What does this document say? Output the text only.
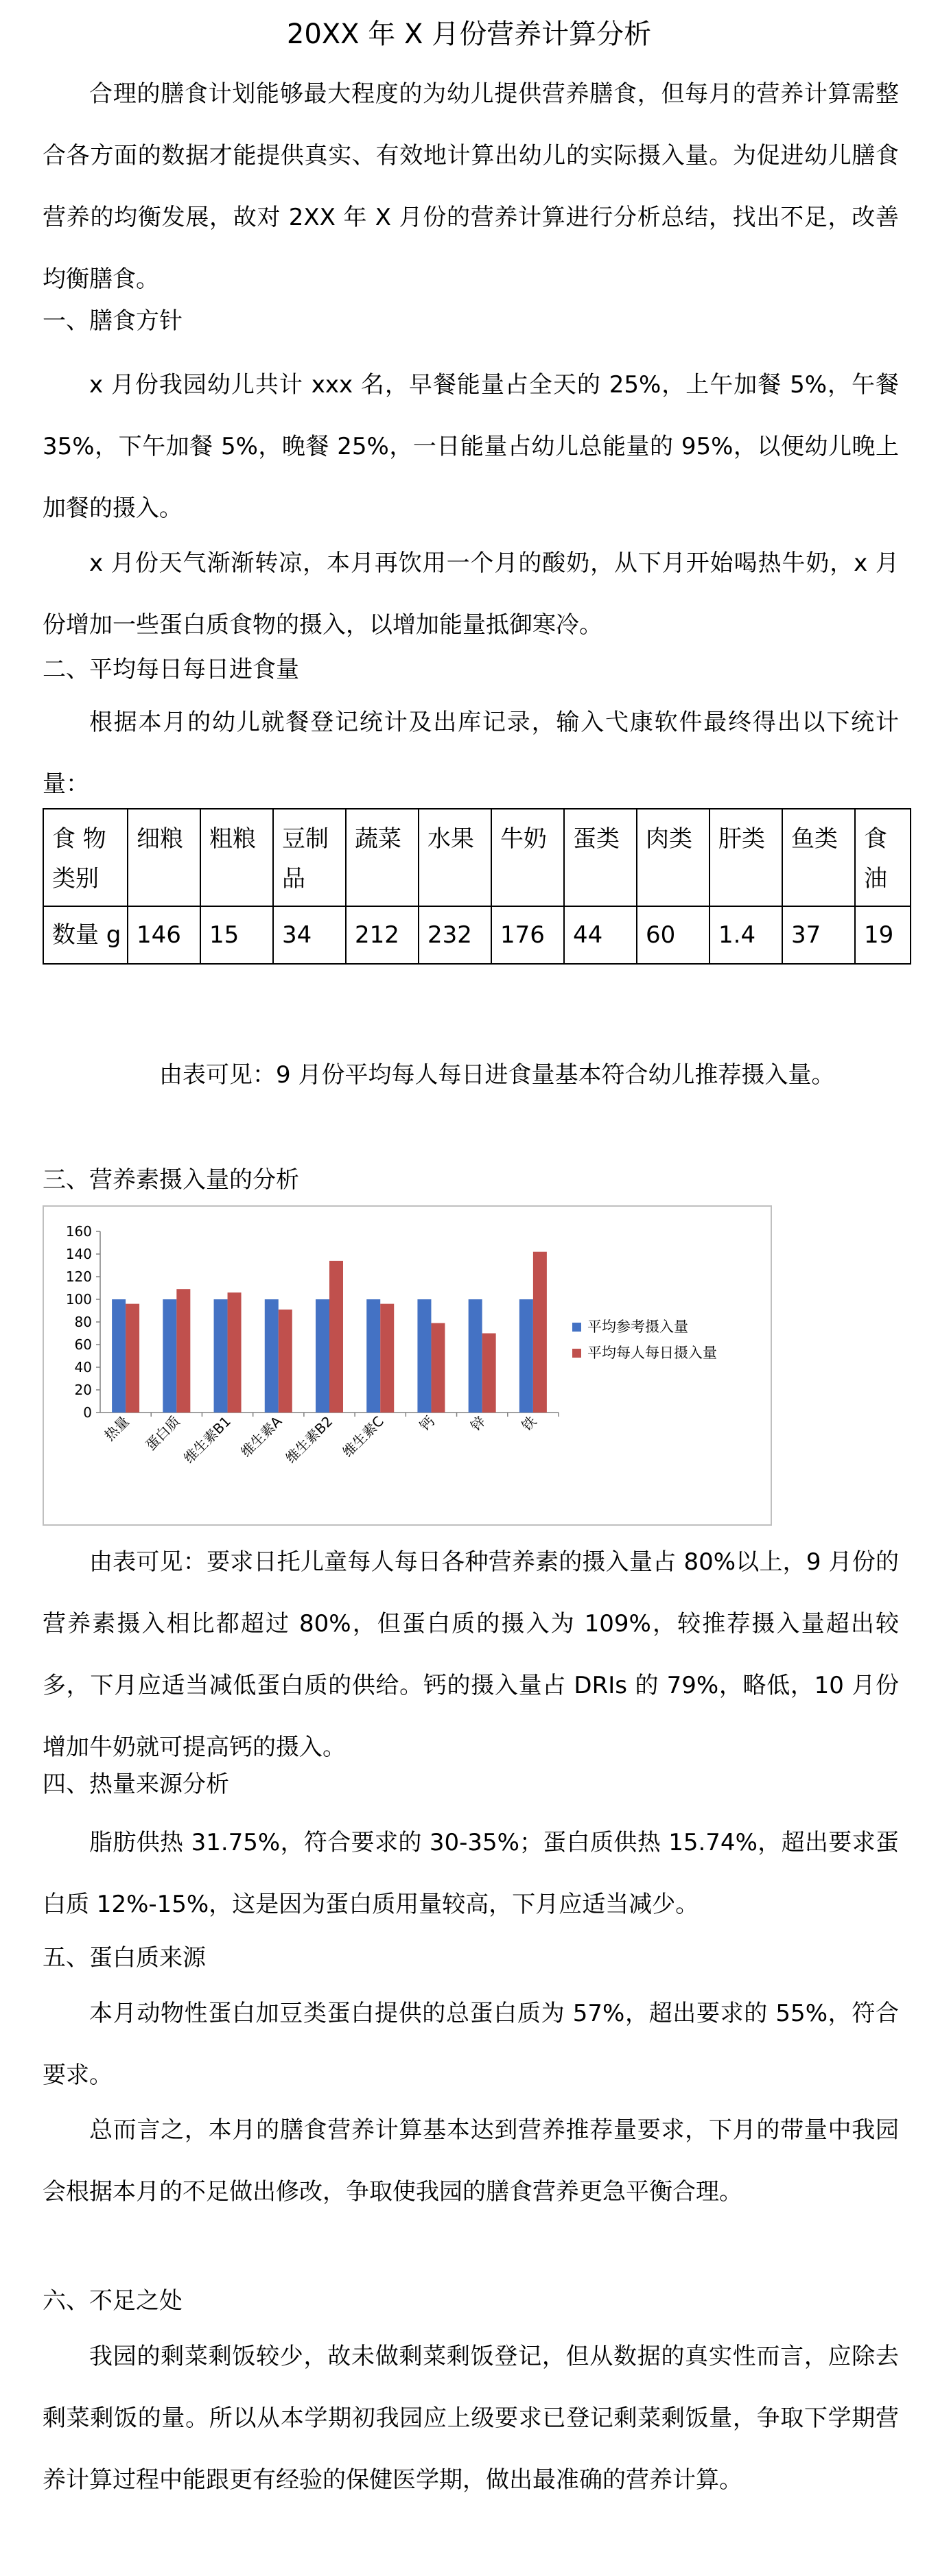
20XX 年 X 月份营养计算分析

合理的膳食计划能够最大程度的为幼儿提供营养膳食，但每月的营养计算需整合各方面的数据才能提供真实、有效地计算出幼儿的实际摄入量。为促进幼儿膳食营养的均衡发展，故对 2XX 年 X 月份的营养计算进行分析总结，找出不足，改善均衡膳食。

一、膳食方针

x 月份我园幼儿共计 xxx 名，早餐能量占全天的 25%，上午加餐 5%，午餐 35%，下午加餐 5%，晚餐 25%，一日能量占幼儿总能量的 95%，以便幼儿晚上加餐的摄入。

x 月份天气渐渐转凉，本月再饮用一个月的酸奶，从下月开始喝热牛奶，x 月份增加一些蛋白质食物的摄入，以增加能量抵御寒冷。

二、平均每日每日进食量

根据本月的幼儿就餐登记统计及出库记录，输入弋康软件最终得出以下统计量：

食 物类别	细粮	粗粮	豆制品	蔬菜	水果	牛奶	蛋类	肉类	肝类	鱼类	食油
数量 g	146	15	34	212	232	176	44	60	1.4	37	19

由表可见：9 月份平均每人每日进食量基本符合幼儿推荐摄入量。

三、营养素摄入量的分析

0
20
40
60
80
100
120
140
160
热量 蛋白质
维生素B1 维生素A
维生素B2 维生素C 钙 锌 铁
平均参考摄入量
平均每人每日摄入量

由表可见：要求日托儿童每人每日各种营养素的摄入量占 80%以上，9 月份的营养素摄入相比都超过 80%，但蛋白质的摄入为 109%，较推荐摄入量超出较多，下月应适当减低蛋白质的供给。钙的摄入量占 DRIs 的 79%，略低，10 月份增加牛奶就可提高钙的摄入。

四、热量来源分析

脂肪供热 31.75%，符合要求的 30-35%；蛋白质供热 15.74%，超出要求蛋白质 12%-15%，这是因为蛋白质用量较高，下月应适当减少。

五、蛋白质来源

本月动物性蛋白加豆类蛋白提供的总蛋白质为 57%，超出要求的 55%，符合要求。

总而言之，本月的膳食营养计算基本达到营养推荐量要求，下月的带量中我园会根据本月的不足做出修改，争取使我园的膳食营养更急平衡合理。

六、不足之处

我园的剩菜剩饭较少，故未做剩菜剩饭登记，但从数据的真实性而言，应除去剩菜剩饭的量。所以从本学期初我园应上级要求已登记剩菜剩饭量，争取下学期营养计算过程中能跟更有经验的保健医学期，做出最准确的营养计算。
